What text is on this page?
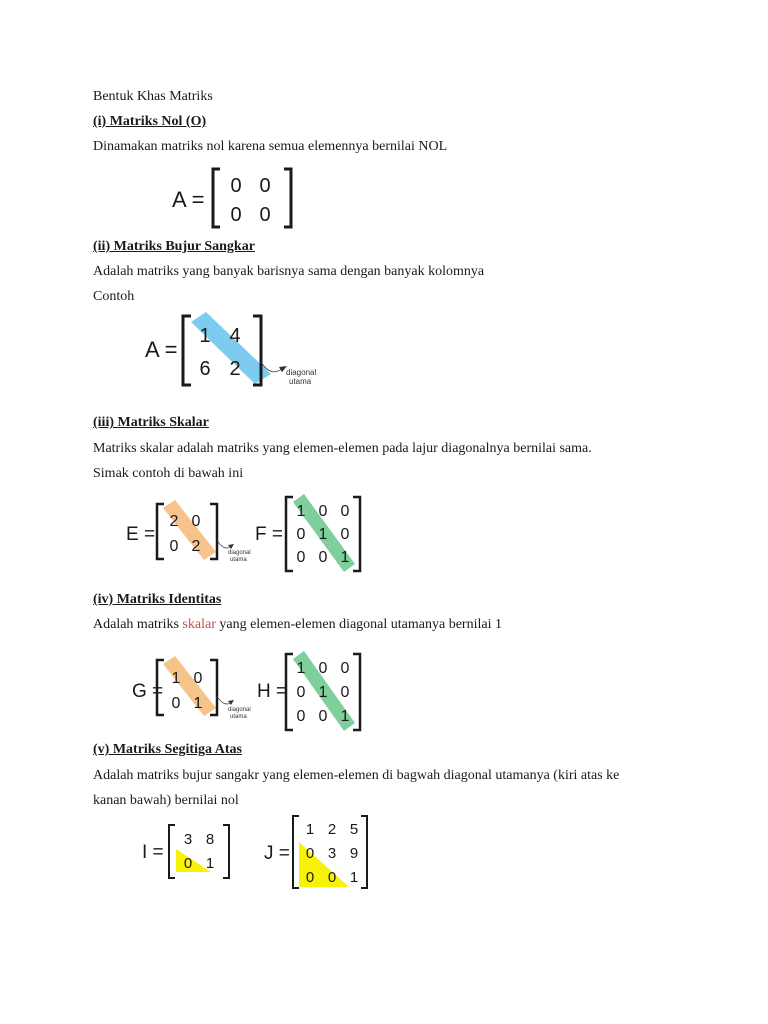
Bentuk Khas Matriks
(i) Matriks Nol (O)
Dinamakan matriks nol karena semua elemennya bernilai NOL
A =
0 0
0 0
(ii) Matriks Bujur Sangkar
Adalah matriks yang banyak barisnya sama dengan banyak kolomnya
Contoh
A =
1 4
6 2	diagonal
utama
(iii) Matriks Skalar
Matriks skalar adalah matriks yang elemen-elemen pada lajur diagonalnya bernilai sama.
Simak contoh di bawah ini
E =
2 0
0 2	diagonal
utama
F =
1 0 0
0 1 0
0 0 1
(iv) Matriks Identitas
Adalah matriks skalar yang elemen-elemen diagonal utamanya bernilai 1
G =
1 0
0 1	diagonal
utama
H =
1 0 0
0 1 0
0 0 1
(v) Matriks Segitiga Atas
Adalah matriks bujur sangakr yang elemen-elemen di bagwah diagonal utamanya (kiri atas ke
kanan bawah) bernilai nol
I =
3 8
0 1	J =
1 2 5
0 3 9
0 0 1
